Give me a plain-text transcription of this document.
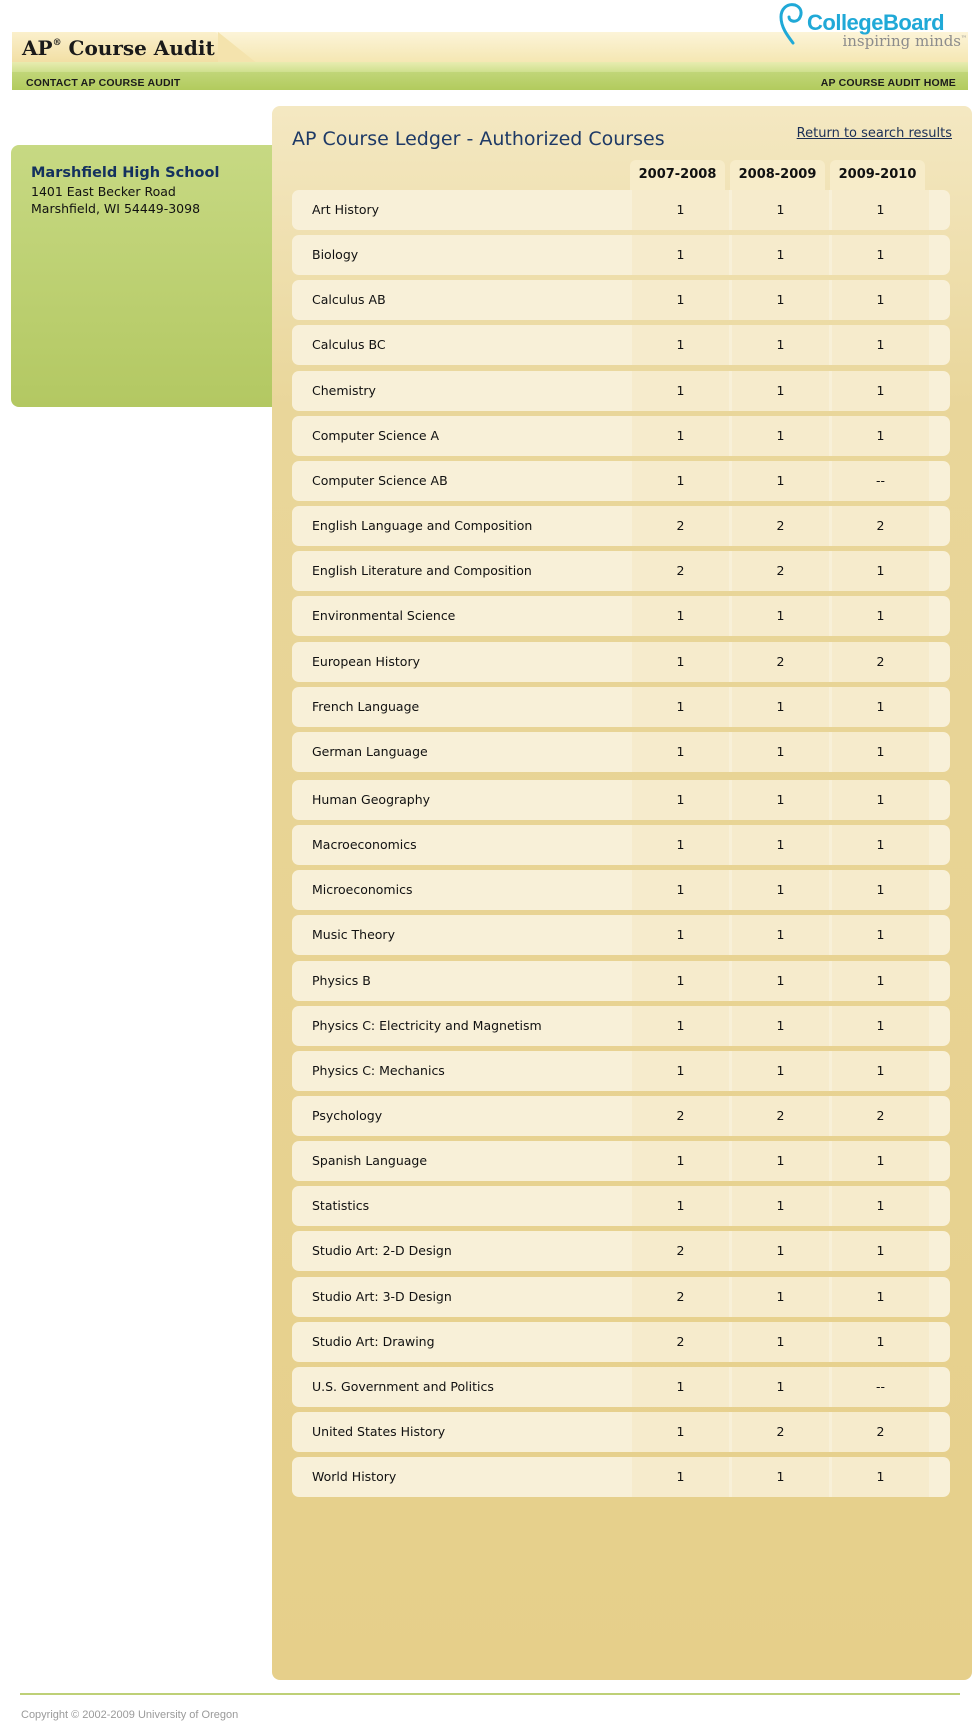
AP® Course Audit
CONTACT AP COURSE AUDIT	AP COURSE AUDIT HOME
CollegeBoard
inspiring minds™
Marshfield High School

1401 East Becker Road

Marshfield, WI 54449-3098

AP Course Ledger - Authorized Courses	Return to search results
2007-2008	2008-2009	2009-2010
Art History	1	1	1
Biology	1	1	1
Calculus AB	1	1	1
Calculus BC	1	1	1
Chemistry	1	1	1
Computer Science A	1	1	1
Computer Science AB	1	1	--
English Language and Composition	2	2	2
English Literature and Composition	2	2	1
Environmental Science	1	1	1
European History	1	2	2
French Language	1	1	1
German Language	1	1	1
Human Geography	1	1	1
Macroeconomics	1	1	1
Microeconomics	1	1	1
Music Theory	1	1	1
Physics B	1	1	1
Physics C: Electricity and Magnetism	1	1	1
Physics C: Mechanics	1	1	1
Psychology	2	2	2
Spanish Language	1	1	1
Statistics	1	1	1
Studio Art: 2-D Design	2	1	1
Studio Art: 3-D Design	2	1	1
Studio Art: Drawing	2	1	1
U.S. Government and Politics	1	1	--
United States History	1	2	2
World History	1	1	1
Copyright © 2002-2009 University of Oregon
